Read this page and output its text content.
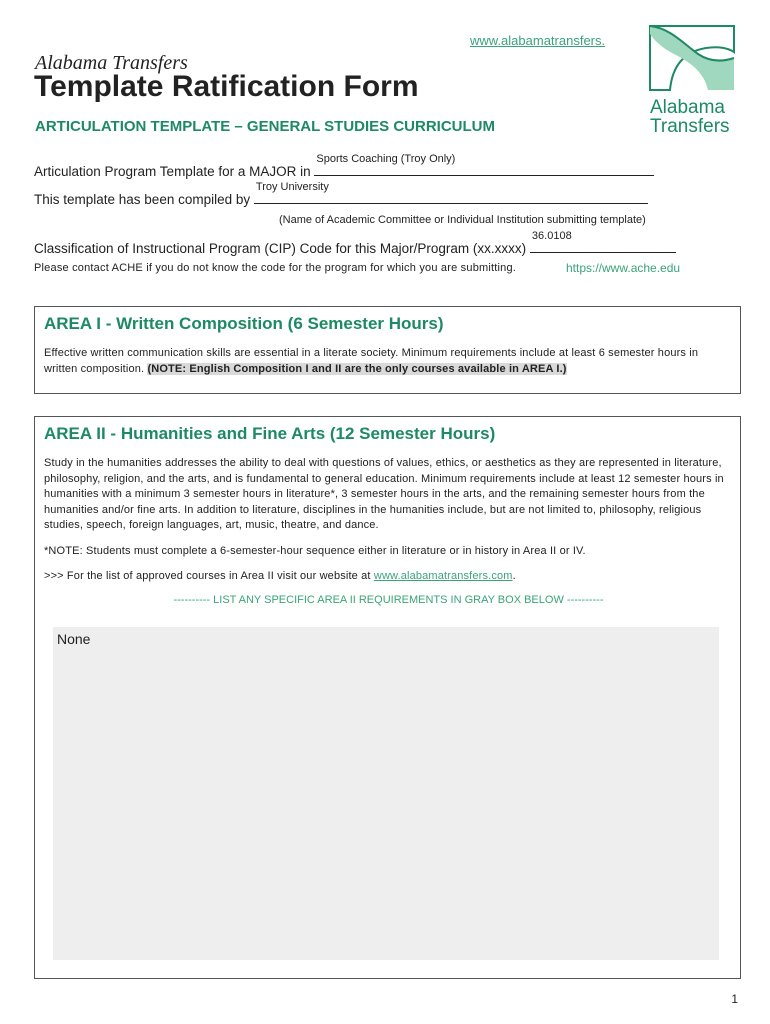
www.alabamatransfers.
Alabama
Transfers
Alabama Transfers
Template Ratification Form
ARTICULATION TEMPLATE – GENERAL STUDIES CURRICULUM
Articulation Program Template for a MAJOR in
Sports Coaching (Troy Only)
This template has been compiled by
Troy University
(Name of Academic Committee or Individual Institution submitting template)
Classification of Instructional Program (CIP) Code for this Major/Program (xx.xxxx)
36.0108
Please contact ACHE if you do not know the code for the program for which you are submitting.	https://www.ache.edu
AREA I - Written Composition (6 Semester Hours)
Effective written communication skills are essential in a literate society. Minimum requirements include at least 6 semester hours in written composition. (NOTE: English Composition I and II are the only courses available in AREA I.)
AREA II - Humanities and Fine Arts (12 Semester Hours)
Study in the humanities addresses the ability to deal with questions of values, ethics, or aesthetics as they are represented in literature, philosophy, religion, and the arts, and is fundamental to general education. Minimum requirements include at least 12 semester hours in humanities with a minimum 3 semester hours in literature*, 3 semester hours in the arts, and the remaining semester hours from the humanities and/or fine arts. In addition to literature, disciplines in the humanities include, but are not limited to, philosophy, religious studies, speech, foreign languages, art, music, theatre, and dance.
*NOTE: Students must complete a 6-semester-hour sequence either in literature or in history in Area II or IV.
>>> For the list of approved courses in Area II visit our website at www.alabamatransfers.com.
---------- LIST ANY SPECIFIC AREA II REQUIREMENTS IN GRAY BOX BELOW ----------
None
1
